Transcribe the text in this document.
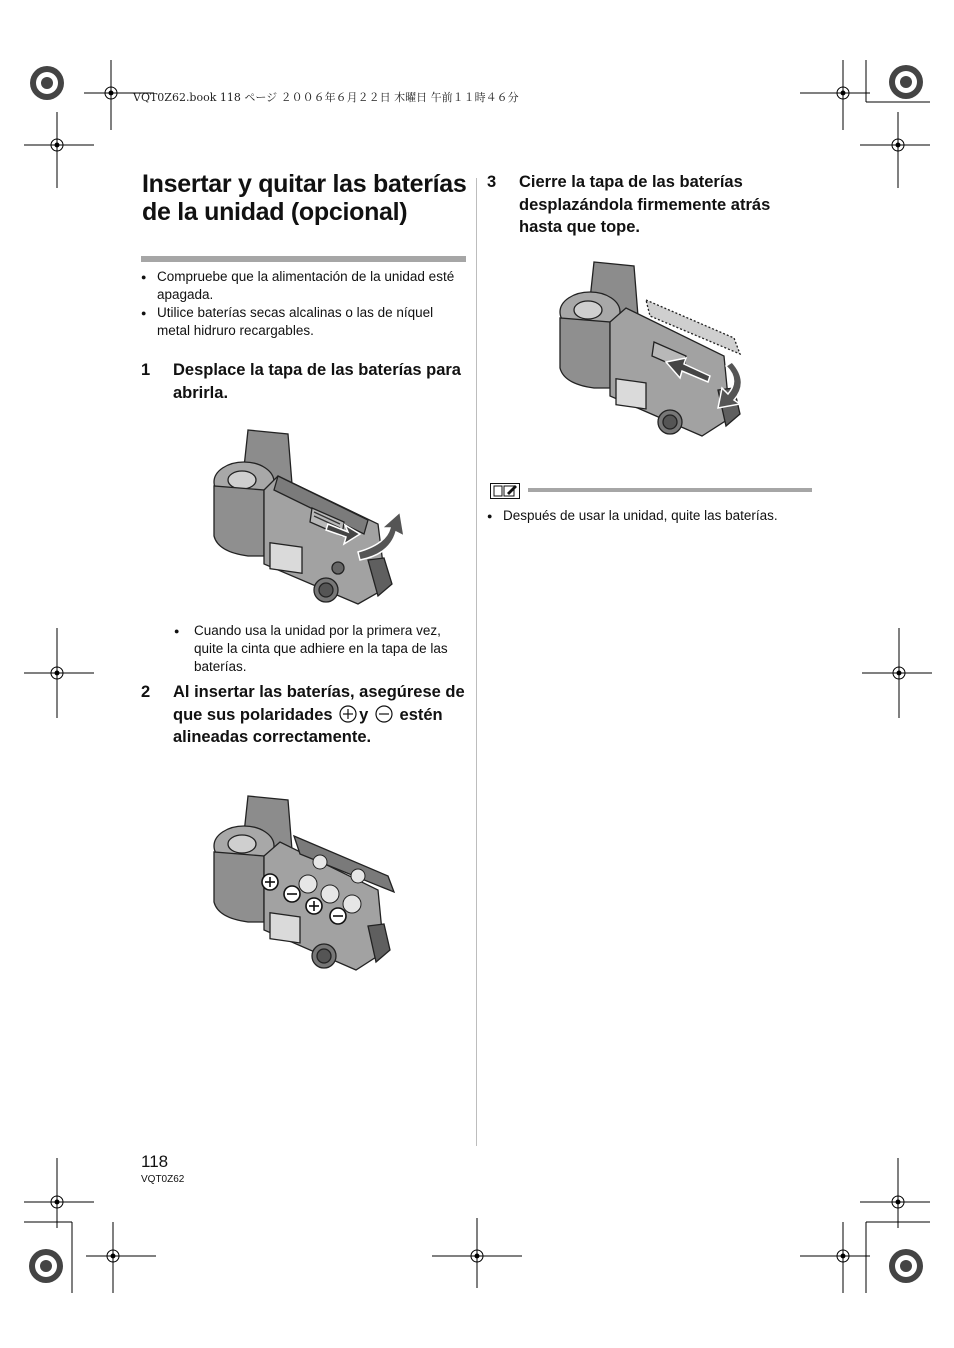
VQT0Z62.book 118 ページ ２００６年６月２２日 木曜日 午前１１時４６分
Insertar y quitar las baterías de la unidad (opcional)
● Compruebe que la alimentación de la unidad esté apagada.
● Utilice baterías secas alcalinas o las de níquel metal hidruro recargables.
1 Desplace la tapa de las baterías para abrirla.
● Cuando usa la unidad por la primera vez, quite la cinta que adhiere en la tapa de las baterías.
2 Al insertar las baterías, asegúrese de que sus polaridades y estén alineadas correctamente.
3 Cierre la tapa de las baterías desplazándola firmemente atrás hasta que tope.
● Después de usar la unidad, quite las baterías.
118
VQT0Z62
